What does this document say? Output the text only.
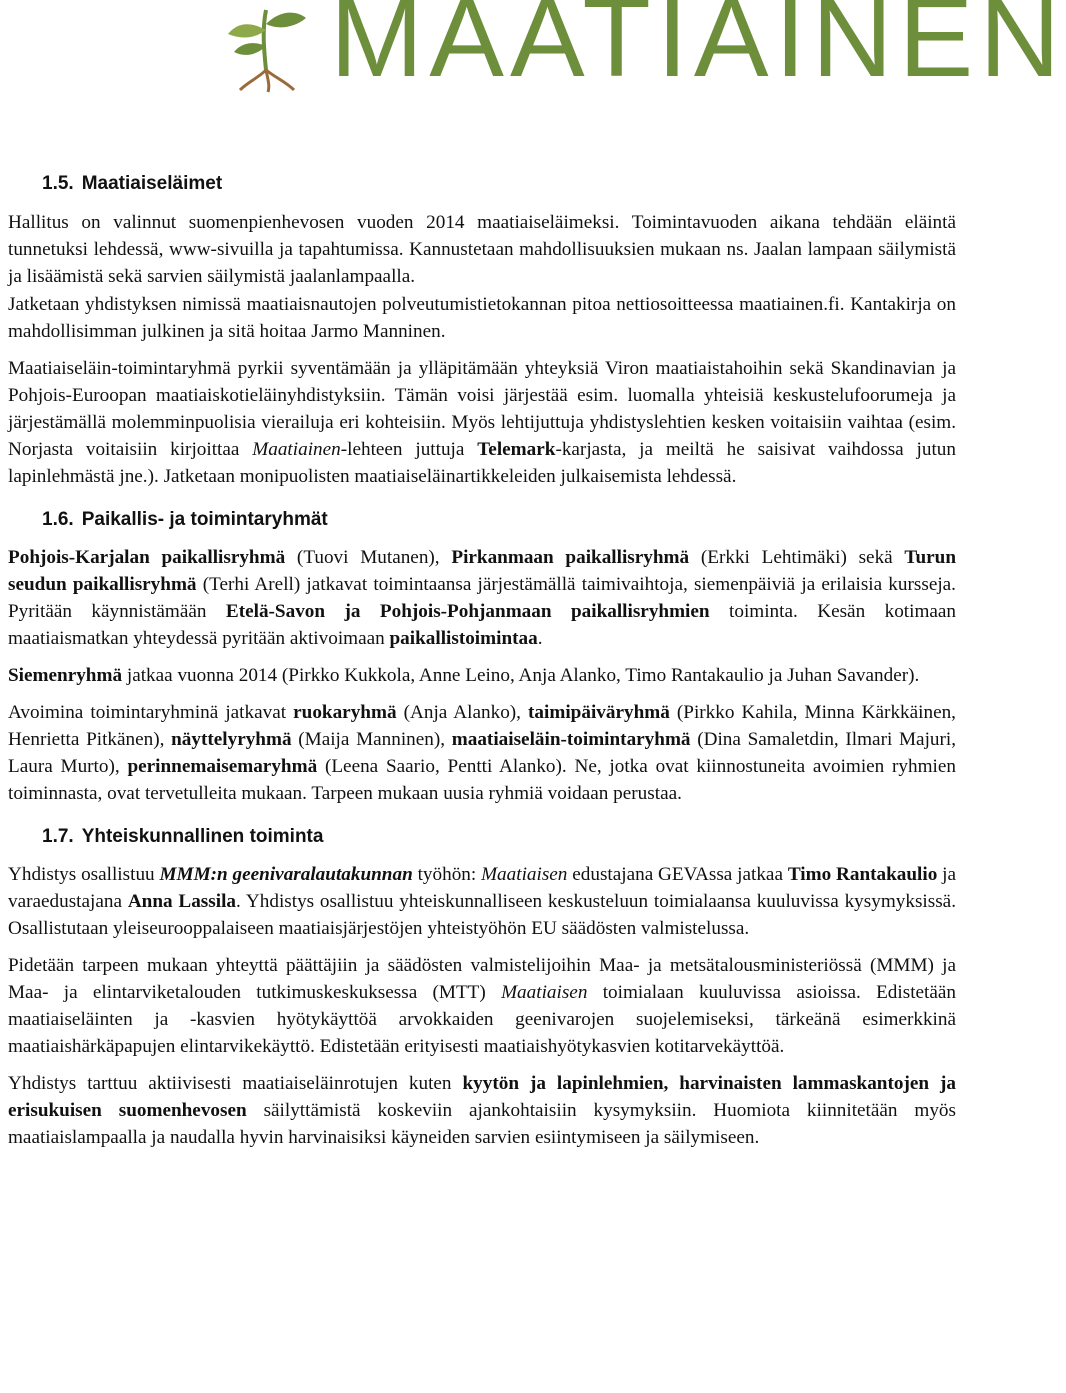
MAATIAINEN
1.5. Maatiaiseläimet

Hallitus on valinnut suomenpienhevosen vuoden 2014 maatiaiseläimeksi. Toimintavuoden aikana tehdään eläintä tunnetuksi lehdessä, www-sivuilla ja tapahtumissa. Kannustetaan mahdollisuuksien mukaan ns. Jaalan lampaan säilymistä ja lisäämistä sekä sarvien säilymistä jaalanlampaalla.

Jatketaan yhdistyksen nimissä maatiaisnautojen polveutumistietokannan pitoa nettiosoitteessa maatiainen.fi. Kantakirja on mahdollisimman julkinen ja sitä hoitaa Jarmo Manninen.

Maatiaiseläin-toimintaryhmä pyrkii syventämään ja ylläpitämään yhteyksiä Viron maatiaistahoihin sekä Skandinavian ja Pohjois-Euroopan maatiaiskotieläinyhdistyksiin. Tämän voisi järjestää esim. luomalla yhteisiä keskustelufoorumeja ja järjestämällä molemminpuolisia vierailuja eri kohteisiin. Myös lehtijuttuja yhdistyslehtien kesken voitaisiin vaihtaa (esim. Norjasta voitaisiin kirjoittaa Maatiainen-lehteen juttuja Telemark-karjasta, ja meiltä he saisivat vaihdossa jutun lapinlehmästä jne.). Jatketaan monipuolisten maatiaiseläinartikkeleiden julkaisemista lehdessä.

1.6. Paikallis- ja toimintaryhmät

Pohjois-Karjalan paikallisryhmä (Tuovi Mutanen), Pirkanmaan paikallisryhmä (Erkki Lehtimäki) sekä Turun seudun paikallisryhmä (Terhi Arell) jatkavat toimintaansa järjestämällä taimivaihtoja, siemenpäiviä ja erilaisia kursseja. Pyritään käynnistämään Etelä-Savon ja Pohjois-Pohjanmaan paikallisryhmien toiminta. Kesän kotimaan maatiaismatkan yhteydessä pyritään aktivoimaan paikallistoimintaa.

Siemenryhmä jatkaa vuonna 2014 (Pirkko Kukkola, Anne Leino, Anja Alanko, Timo Rantakaulio ja Juhan Savander).

Avoimina toimintaryhminä jatkavat ruokaryhmä (Anja Alanko), taimipäiväryhmä (Pirkko Kahila, Minna Kärkkäinen, Henrietta Pitkänen), näyttelyryhmä (Maija Manninen), maatiaiseläin-toimintaryhmä (Dina Samaletdin, Ilmari Majuri, Laura Murto), perinnemaisemaryhmä (Leena Saario, Pentti Alanko). Ne, jotka ovat kiinnostuneita avoimien ryhmien toiminnasta, ovat tervetulleita mukaan. Tarpeen mukaan uusia ryhmiä voidaan perustaa.

1.7. Yhteiskunnallinen toiminta

Yhdistys osallistuu MMM:n geenivaralautakunnan työhön: Maatiaisen edustajana GEVAssa jatkaa Timo Rantakaulio ja varaedustajana Anna Lassila. Yhdistys osallistuu yhteiskunnalliseen keskusteluun toimialaansa kuuluvissa kysymyksissä. Osallistutaan yleiseurooppalaiseen maatiaisjärjestöjen yhteistyöhön EU säädösten valmistelussa.

Pidetään tarpeen mukaan yhteyttä päättäjiin ja säädösten valmistelijoihin Maa- ja metsätalousministeriössä (MMM) ja Maa- ja elintarviketalouden tutkimuskeskuksessa (MTT) Maatiaisen toimialaan kuuluvissa asioissa. Edistetään maatiaiseläinten ja -kasvien hyötykäyttöä arvokkaiden geenivarojen suojelemiseksi, tärkeänä esimerkkinä maatiaishärkäpapujen elintarvikekäyttö. Edistetään erityisesti maatiaishyötykasvien kotitarvekäyttöä.

Yhdistys tarttuu aktiivisesti maatiaiseläinrotujen kuten kyytön ja lapinlehmien, harvinaisten lammaskantojen ja erisukuisen suomenhevosen säilyttämistä koskeviin ajankohtaisiin kysymyksiin. Huomiota kiinnitetään myös maatiaislampaalla ja naudalla hyvin harvinaisiksi käyneiden sarvien esiintymiseen ja säilymiseen.
